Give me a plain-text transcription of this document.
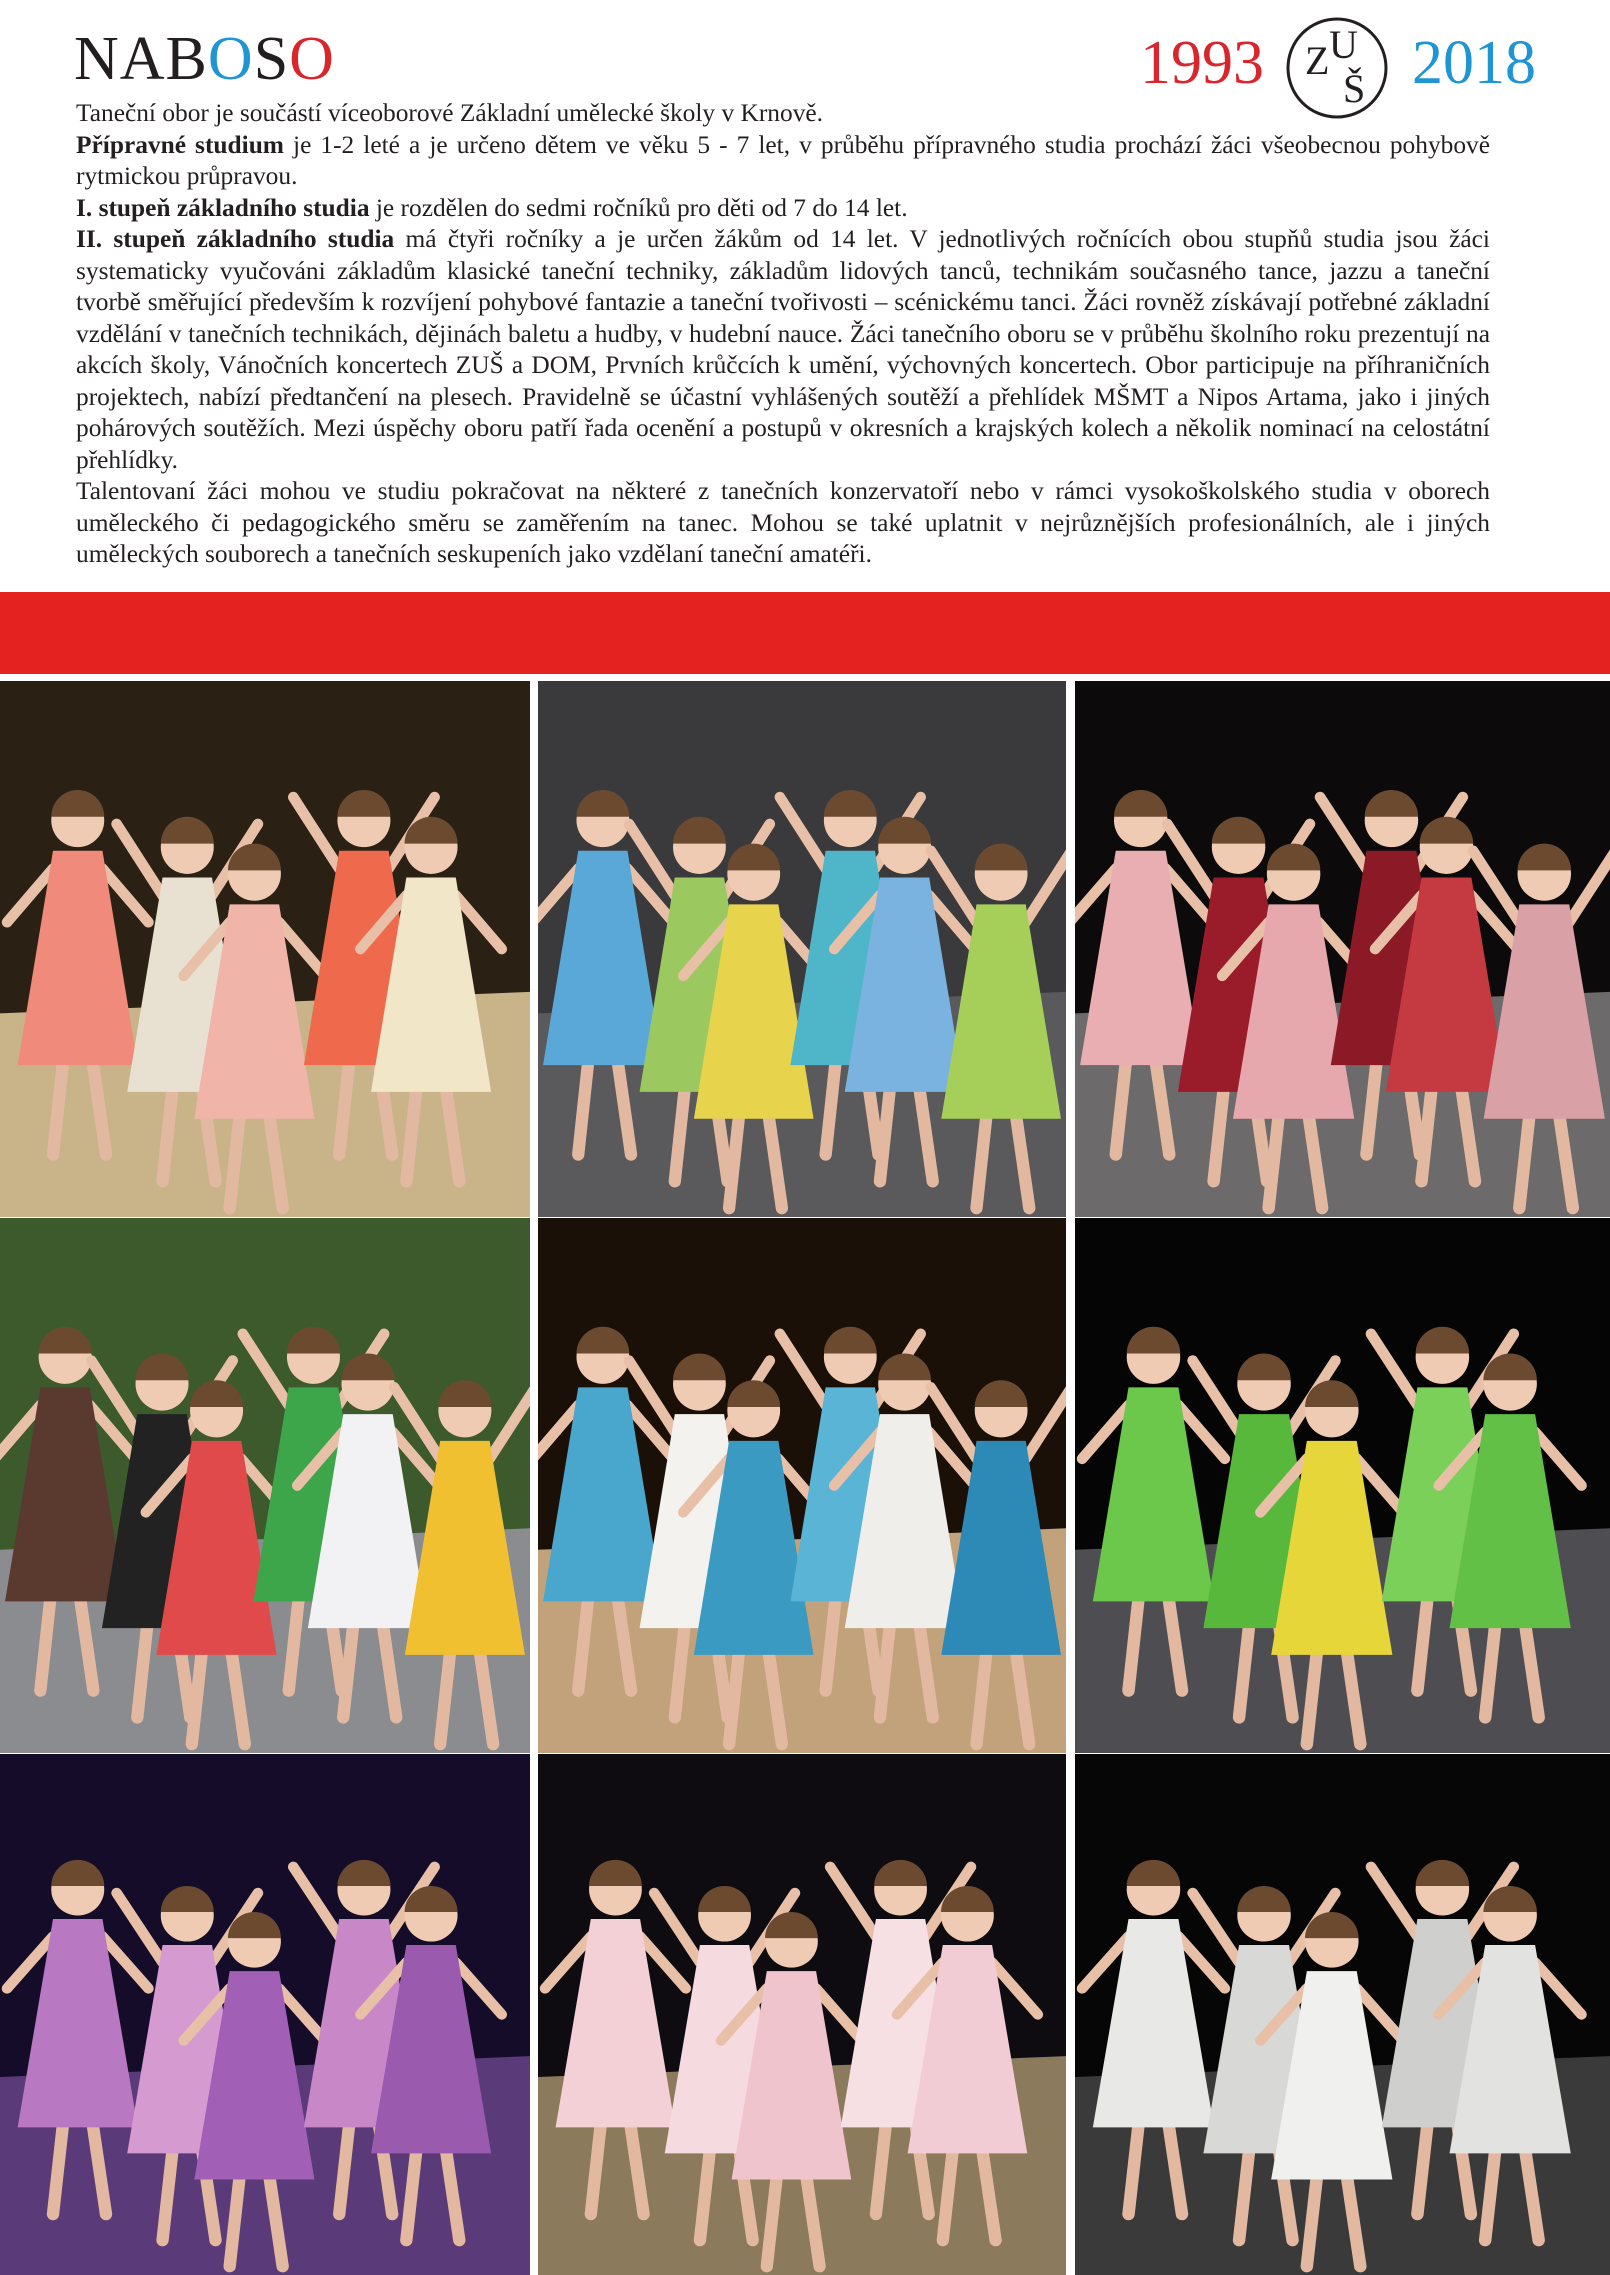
NABOSO	1993 Z U
Š 2018

Taneční obor je součástí víceoborové Základní umělecké školy v Krnově.

Přípravné studium je 1-2 leté a je určeno dětem ve věku 5 - 7 let, v průběhu přípravného studia prochází žáci všeobecnou pohybově rytmickou průpravou.

I. stupeň základního studia je rozdělen do sedmi ročníků pro děti od 7 do 14 let.

II. stupeň základního studia má čtyři ročníky a je určen žákům od 14 let. V jednotlivých ročnících obou stupňů studia jsou žáci systematicky vyučováni základům klasické taneční techniky, základům lidových tanců, technikám současného tance, jazzu a taneční tvorbě směřující především k rozvíjení pohybové fantazie a taneční tvořivosti – scénickému tanci. Žáci rovněž získávají potřebné základní vzdělání v tanečních technikách, dějinách baletu a hudby, v hudební nauce. Žáci tanečního oboru se v průběhu školního roku prezentují na akcích školy, Vánočních koncertech ZUŠ a DOM, Prvních krůčcích k umění, výchovných koncertech. Obor participuje na příhraničních projektech, nabízí předtančení na plesech. Pravidelně se účastní vyhlášených soutěží a přehlídek MŠMT a Nipos Artama, jako i jiných pohárových soutěžích. Mezi úspěchy oboru patří řada ocenění a postupů v okresních a krajských kolech a několik nominací na celostátní přehlídky.

Talentovaní žáci mohou ve studiu pokračovat na některé z tanečních konzervatoří nebo v rámci vysokoškolského studia v oborech uměleckého či pedagogického směru se zaměřením na tanec. Mohou se také uplatnit v nejrůznějších profesionálních, ale i jiných uměleckých souborech a tanečních seskupeních jako vzdělaní taneční amatéři.
